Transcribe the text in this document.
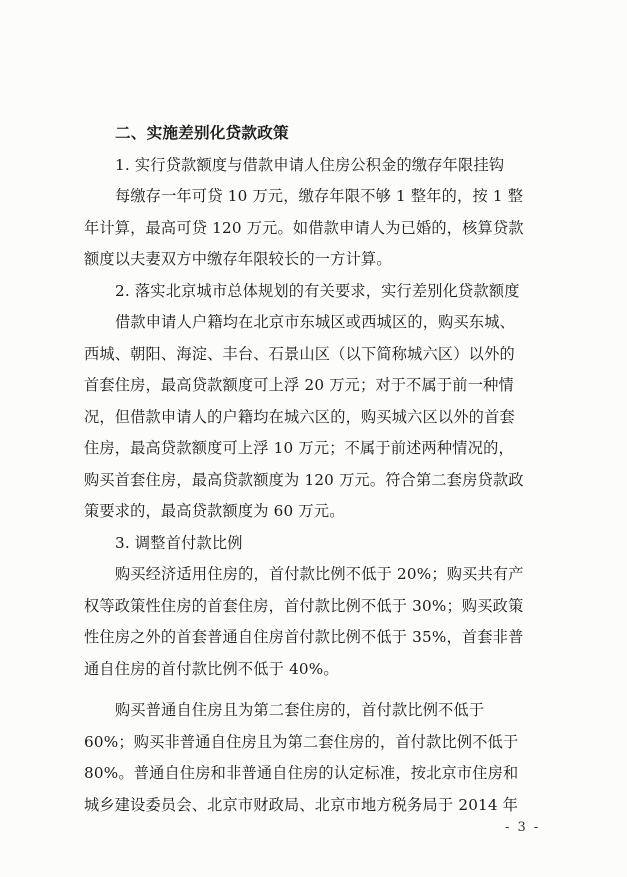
二、实施差别化贷款政策
1. 实行贷款额度与借款申请人住房公积金的缴存年限挂钩
每缴存一年可贷 10 万元，缴存年限不够 1 整年的，按 1 整
年计算，最高可贷 120 万元。如借款申请人为已婚的，核算贷款
额度以夫妻双方中缴存年限较长的一方计算。
2. 落实北京城市总体规划的有关要求，实行差别化贷款额度
借款申请人户籍均在北京市东城区或西城区的，购买东城、
西城、朝阳、海淀、丰台、石景山区（以下简称城六区）以外的
首套住房，最高贷款额度可上浮 20 万元；对于不属于前一种情
况，但借款申请人的户籍均在城六区的，购买城六区以外的首套
住房，最高贷款额度可上浮 10 万元；不属于前述两种情况的，
购买首套住房，最高贷款额度为 120 万元。符合第二套房贷款政
策要求的，最高贷款额度为 60 万元。
3. 调整首付款比例
购买经济适用住房的，首付款比例不低于 20%；购买共有产
权等政策性住房的首套住房，首付款比例不低于 30%；购买政策
性住房之外的首套普通自住房首付款比例不低于 35%，首套非普
通自住房的首付款比例不低于 40%。
购买普通自住房且为第二套住房的，首付款比例不低于
60%；购买非普通自住房且为第二套住房的，首付款比例不低于
80%。普通自住房和非普通自住房的认定标准，按北京市住房和
城乡建设委员会、北京市财政局、北京市地方税务局于 2014 年
- 3 -
